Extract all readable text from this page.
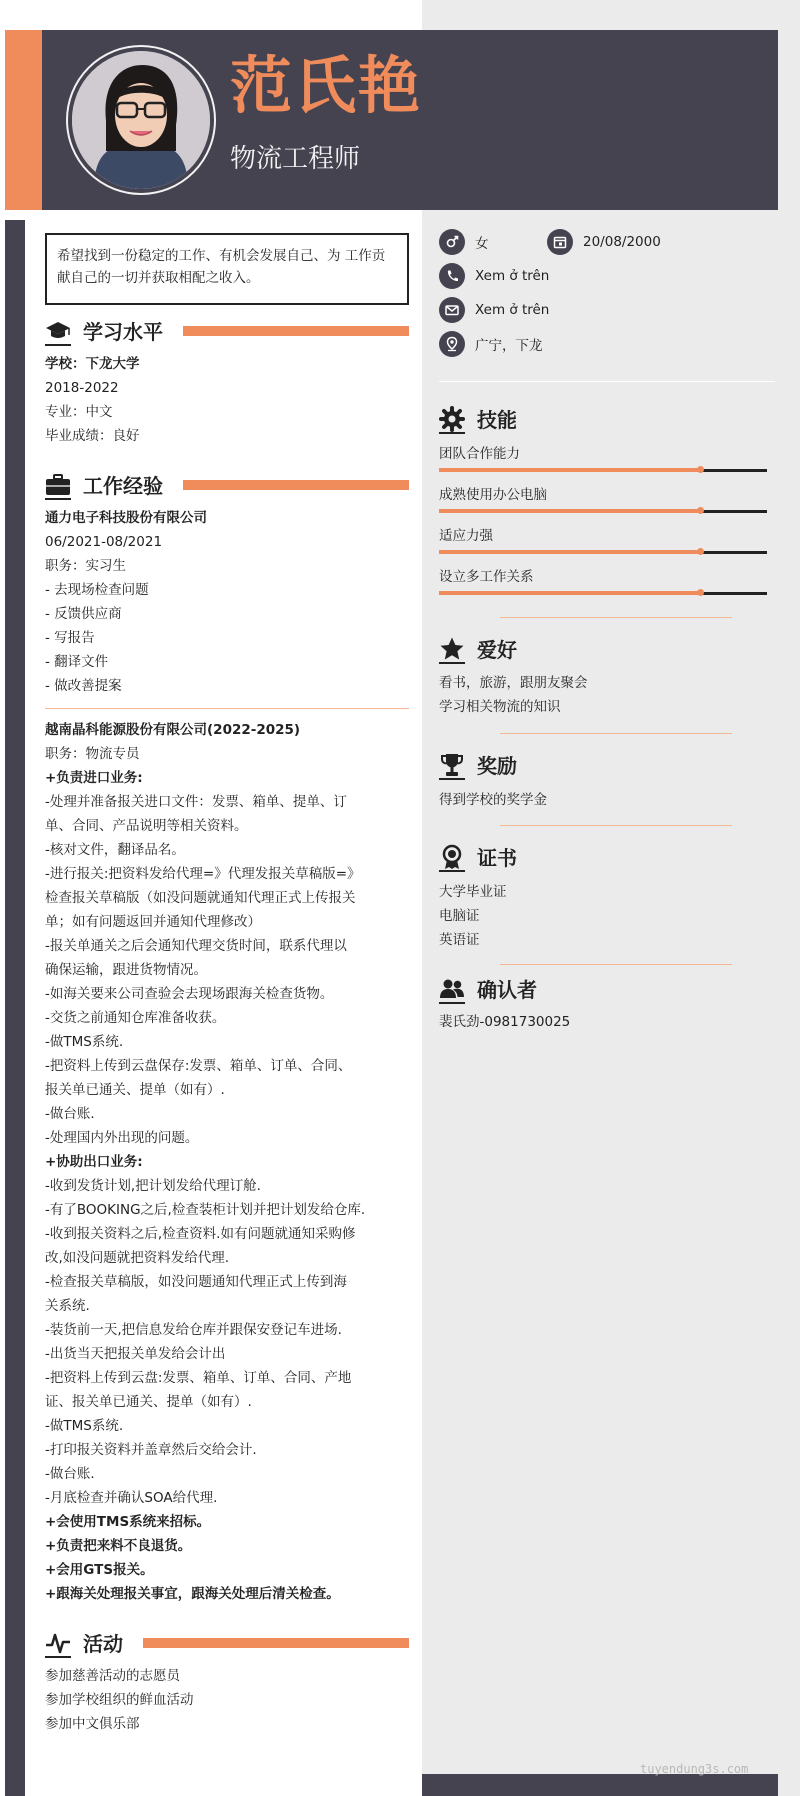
范氏艳
物流工程师
希望找到一份稳定的工作、有机会发展自己、为 工作贡献自己的一切并获取相配之收入。
学习水平
学校：下龙大学
2018-2022
专业：中文
毕业成绩：良好
工作经验
通力电子科技股份有限公司
06/2021-08/2021
职务：实习生
- 去现场检查问题
- 反馈供应商
- 写报告
- 翻译文件
- 做改善提案
越南晶科能源股份有限公司(2022-2025)
职务：物流专员
+负责进口业务:
-处理并准备报关进口文件：发票、箱单、提单、订
单、合同、产品说明等相关资料。
-核对文件，翻译品名。
-进行报关:把资料发给代理=》代理发报关草稿版=》
检查报关草稿版（如没问题就通知代理正式上传报关
单；如有问题返回并通知代理修改）
-报关单通关之后会通知代理交货时间，联系代理以
确保运输，跟进货物情况。
-如海关要来公司查验会去现场跟海关检查货物。
-交货之前通知仓库准备收获。
-做TMS系统.
-把资料上传到云盘保存:发票、箱单、订单、合同、
报关单已通关、提单（如有）.
-做台账.
-处理国内外出现的问题。
+协助出口业务:
-收到发货计划,把计划发给代理订舱.
-有了BOOKING之后,检查装柜计划并把计划发给仓库.
-收到报关资料之后,检查资料.如有问题就通知采购修
改,如没问题就把资料发给代理.
-检查报关草稿版，如没问题通知代理正式上传到海
关系统.
-装货前一天,把信息发给仓库并跟保安登记车进场.
-出货当天把报关单发给会计出
-把资料上传到云盘:发票、箱单、订单、合同、产地
证、报关单已通关、提单（如有）.
-做TMS系统.
-打印报关资料并盖章然后交给会计.
-做台账.
-月底检查并确认SOA给代理.
+会使用TMS系统来招标。
+负责把来料不良退货。
+会用GTS报关。
+跟海关处理报关事宜，跟海关处理后清关检查。
活动
参加慈善活动的志愿员
参加学校组织的鲜血活动
参加中文俱乐部
女	20/08/2000
Xem ở trên
Xem ở trên
广宁，下龙
技能
团队合作能力
成熟使用办公电脑
适应力强
设立多工作关系
爱好
看书，旅游，跟朋友聚会
学习相关物流的知识
奖励
得到学校的奖学金
证书
大学毕业证
电脑证
英语证
确认者
裴氏劲-0981730025
tuyendung3s.com
